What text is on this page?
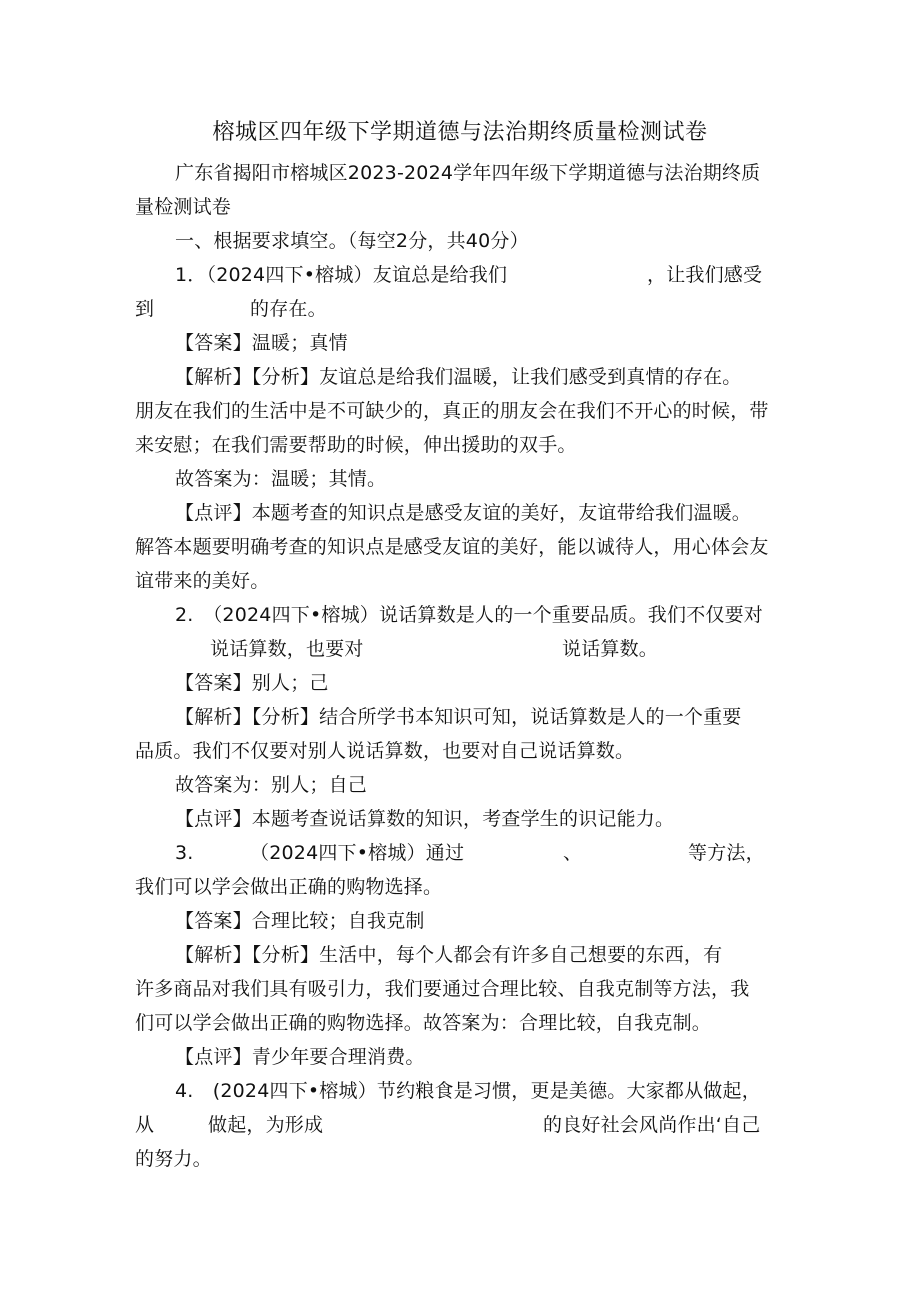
榕城区四年级下学期道德与法治期终质量检测试卷
广东省揭阳市榕城区2023-2024学年四年级下学期道德与法治期终质
量检测试卷
一、根据要求填空。（每空2分，共40分）
1．（2024四下•榕城）友谊总是给我们	，让我们感受
到	的存在。
【答案】温暖；真情
【解析】【分析】友谊总是给我们温暖，让我们感受到真情的存在。
朋友在我们的生活中是不可缺少的，真正的朋友会在我们不开心的时候，带
来安慰；在我们需要帮助的时候，伸出援助的双手。
故答案为：温暖；其情。
【点评】本题考查的知识点是感受友谊的美好，友谊带给我们温暖。
解答本题要明确考查的知识点是感受友谊的美好，能以诚待人，用心体会友
谊带来的美好。
2.　（2024四下•榕城）说话算数是人的一个重要品质。我们不仅要对
说话算数，也要对	说话算数。
【答案】别人；己
【解析】【分析】结合所学书本知识可知，说话算数是人的一个重要
品质。我们不仅要对别人说话算数，也要对自己说话算数。
故答案为：别人；自己
【点评】本题考查说话算数的知识，考查学生的识记能力。
3.	（2024四下•榕城）通过	、	等方法，
我们可以学会做出正确的购物选择。
【答案】合理比较；自我克制
【解析】【分析】生活中，每个人都会有许多自己想要的东西，有
许多商品对我们具有吸引力，我们要通过合理比较、自我克制等方法，我
们可以学会做出正确的购物选择。故答案为：合理比较，自我克制。
【点评】青少年要合理消费。
4.　(2024四下•榕城）节约粮食是习惯，更是美德。大家都从做起，
从	做起，为形成	的良好社会风尚作出‘自己
的努力。
